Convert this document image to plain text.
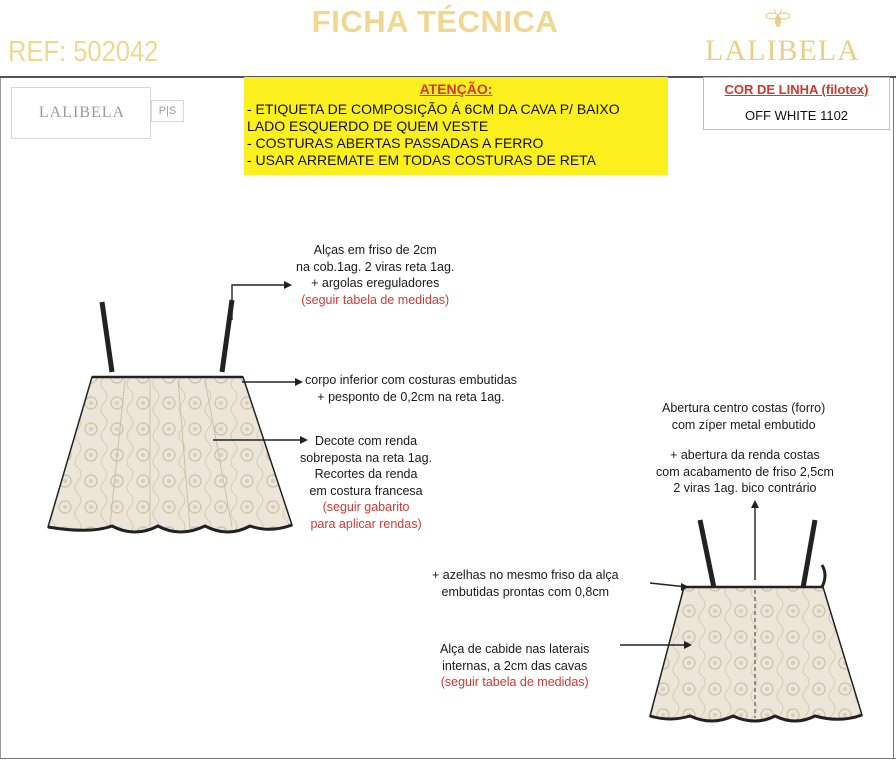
FICHA TÉCNICA
REF: 502042	LALIBELA
LALIBELA	P|S
ATENÇÃO:
- ETIQUETA DE COMPOSIÇÃO Á 6CM DA CAVA P/ BAIXO
LADO ESQUERDO DE QUEM VESTE
- COSTURAS ABERTAS PASSADAS A FERRO
- USAR ARREMATE EM TODAS COSTURAS DE RETA
COR DE LINHA (filotex)
OFF WHITE 1102
Alças em friso de 2cm
na cob.1ag. 2 viras reta 1ag.
+ argolas ereguladores
(seguir tabela de medidas)
corpo inferior com costuras embutidas
+ pesponto de 0,2cm na reta 1ag.
Decote com renda
sobreposta na reta 1ag.
Recortes da renda
em costura francesa
(seguir gabarito
para aplicar rendas)
Abertura centro costas (forro)
com zíper metal embutido
+ abertura da renda costas
com acabamento de friso 2,5cm
2 viras 1ag. bico contrário
+ azelhas no mesmo friso da alça
embutidas prontas com 0,8cm
Alça de cabide nas laterais
internas, a 2cm das cavas
(seguir tabela de medidas)
